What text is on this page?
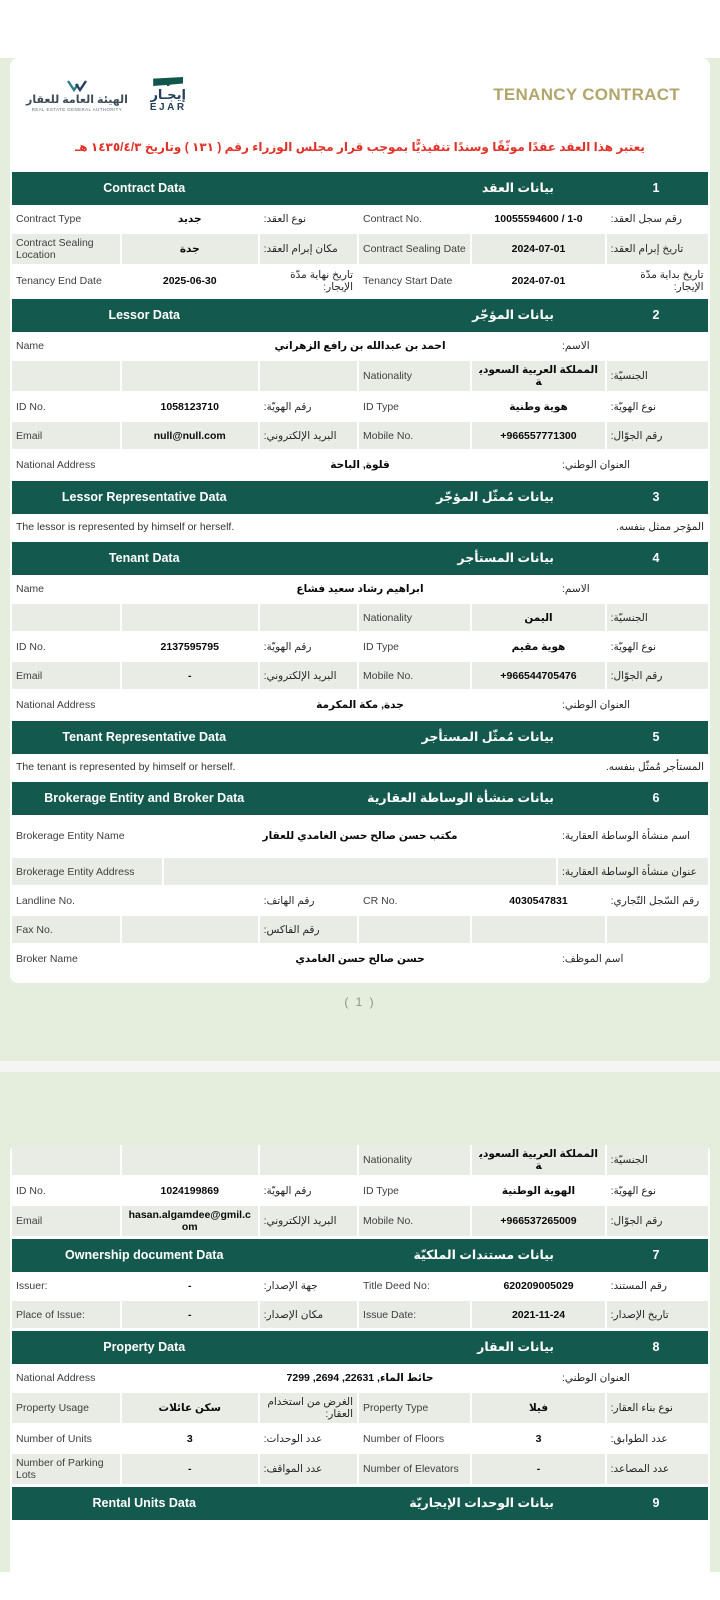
الهيئة العامة للعقار
REAL ESTATE GENERAL AUTHORITY
إيجـار
EJAR
TENANCY CONTRACT
يعتبر هذا العقد عقدًا موثّقًا وسندًا تنفيذيًّا بموجب قرار مجلس الوزراء رقم ( ١٣١ ) وتاريخ ١٤٣٥/٤/٣ هـ
Contract Data	بيانات العقد	1
Contract Type	جديد	نوع العقد:	Contract No.	10055594600 / 1-0	رقم سجل العقد:
Contract Sealing Location	جدة	مكان إبرام العقد:	Contract Sealing Date	2024-07-01	تاريخ إبرام العقد:
Tenancy End Date	2025-06-30	تاريخ نهاية مدّة الإيجار: Tenancy Start Date	2024-07-01	تاريخ بداية مدّة الإيجار:
Lessor Data	بيانات المؤجّر	2
Name	احمد بن عبدالله بن رافع الزهراني	الاسم:
Nationality	المملكة العربية السعودية	الجنسيّة:
ID No.	1058123710	رقم الهويّة:	ID Type	هوية وطنية	نوع الهويّة:
Email	null@null.com	البريد الإلكتروني:	Mobile No.	+966557771300	رقم الجوّال:
National Address	قلوة, الباحة	العنوان الوطني:
Lessor Representative Data	بيانات مُمثّل المؤجّر	3
The lessor is represented by himself or herself.	المؤجر ممثل بنفسه.
Tenant Data	بيانات المستأجر	4
Name	ابراهيم رشاد سعيد فشاع	الاسم:
Nationality	اليمن	الجنسيّة:
ID No.	2137595795	رقم الهويّة:	ID Type	هوية مقيم	نوع الهويّة:
Email	-	البريد الإلكتروني:	Mobile No.	+966544705476	رقم الجوّال:
National Address	جدة, مكة المكرمة	العنوان الوطني:
Tenant Representative Data	بيانات مُمثّل المستأجر	5
The tenant is represented by himself or herself.	المستأجر مُمثّل بنفسه.
Brokerage Entity and Broker Data	بيانات منشأة الوساطة العقارية	6
Brokerage Entity Name	مكتب حسن صالح حسن الغامدي للعقار	اسم منشأة الوساطة العقارية:
Brokerage Entity Address	عنوان منشأة الوساطة العقارية:
Landline No.	رقم الهاتف:	CR No.	4030547831	رقم السّجل التّجاري:
Fax No.	رقم الفاكس:
Broker Name	حسن صالح حسن الغامدي	اسم الموظف:
( 1 )
Nationality	المملكة العربية السعودية	الجنسيّة:
ID No.	1024199869	رقم الهويّة:	ID Type	الهوية الوطنية	نوع الهويّة:
Email	hasan.algamdee@gmil.com	البريد الإلكتروني:	Mobile No.	+966537265009	رقم الجوّال:
Ownership document Data	بيانات مستندات الملكيّة	7
Issuer:	-	جهة الإصدار:	Title Deed No:	620209005029	رقم المستند:
Place of Issue:	-	مكان الإصدار:	Issue Date:	2021-11-24	تاريخ الإصدار:
Property Data	بيانات العقار	8
National Address	حائط الماء, 22631, 2694, 7299	العنوان الوطني:
Property Usage	سكن عائلات	الغرض من استخدام العقار: Property Type	فيلا	نوع بناء العقار:
Number of Units	3	عدد الوحدات:	Number of Floors	3	عدد الطوابق:
Number of Parking Lots	-	عدد المواقف:	Number of Elevators	-	عدد المصاعد:
Rental Units Data	بيانات الوحدات الإيجاريّة	9
